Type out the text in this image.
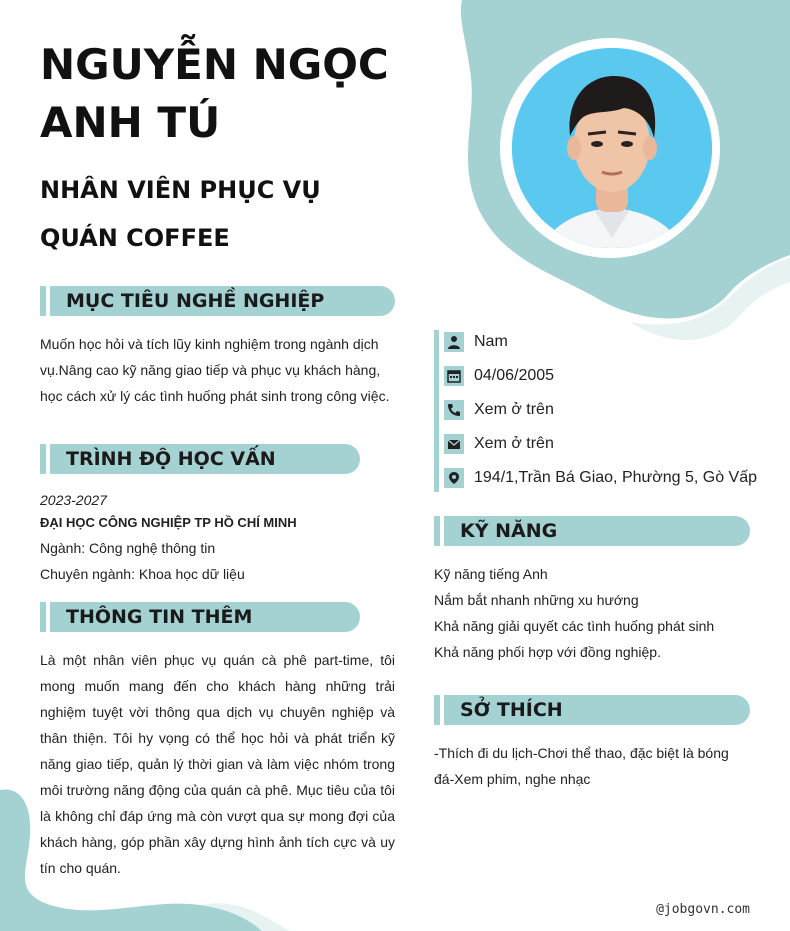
NGUYỄN NGỌC ANH TÚ
NHÂN VIÊN PHỤC VỤ QUÁN COFFEE
MỤC TIÊU NGHỀ NGHIỆP
Muốn học hỏi và tích lũy kinh nghiệm trong ngành dịch vụ.Nâng cao kỹ năng giao tiếp và phục vụ khách hàng, học cách xử lý các tình huống phát sinh trong công việc.
TRÌNH ĐỘ HỌC VẤN
2023-2027
ĐẠI HỌC CÔNG NGHIỆP TP HỒ CHÍ MINH
Ngành: Công nghệ thông tin
Chuyên ngành: Khoa học dữ liệu
THÔNG TIN THÊM
Là một nhân viên phục vụ quán cà phê part-time, tôi mong muốn mang đến cho khách hàng những trải nghiệm tuyệt vời thông qua dịch vụ chuyên nghiệp và thân thiện. Tôi hy vọng có thể học hỏi và phát triển kỹ năng giao tiếp, quản lý thời gian và làm việc nhóm trong môi trường năng động của quán cà phê. Mục tiêu của tôi là không chỉ đáp ứng mà còn vượt qua sự mong đợi của khách hàng, góp phần xây dựng hình ảnh tích cực và uy tín cho quán.
Nam
04/06/2005
Xem ở trên
Xem ở trên
194/1,Trần Bá Giao, Phường 5, Gò Vấp
KỸ NĂNG
Kỹ năng tiếng Anh
Nắm bắt nhanh những xu hướng
Khả năng giải quyết các tình huống phát sinh
Khả năng phối hợp với đồng nghiệp.
SỞ THÍCH
-Thích đi du lịch-Chơi thể thao, đặc biệt là bóng đá-Xem phim, nghe nhạc
@jobgovn.com
